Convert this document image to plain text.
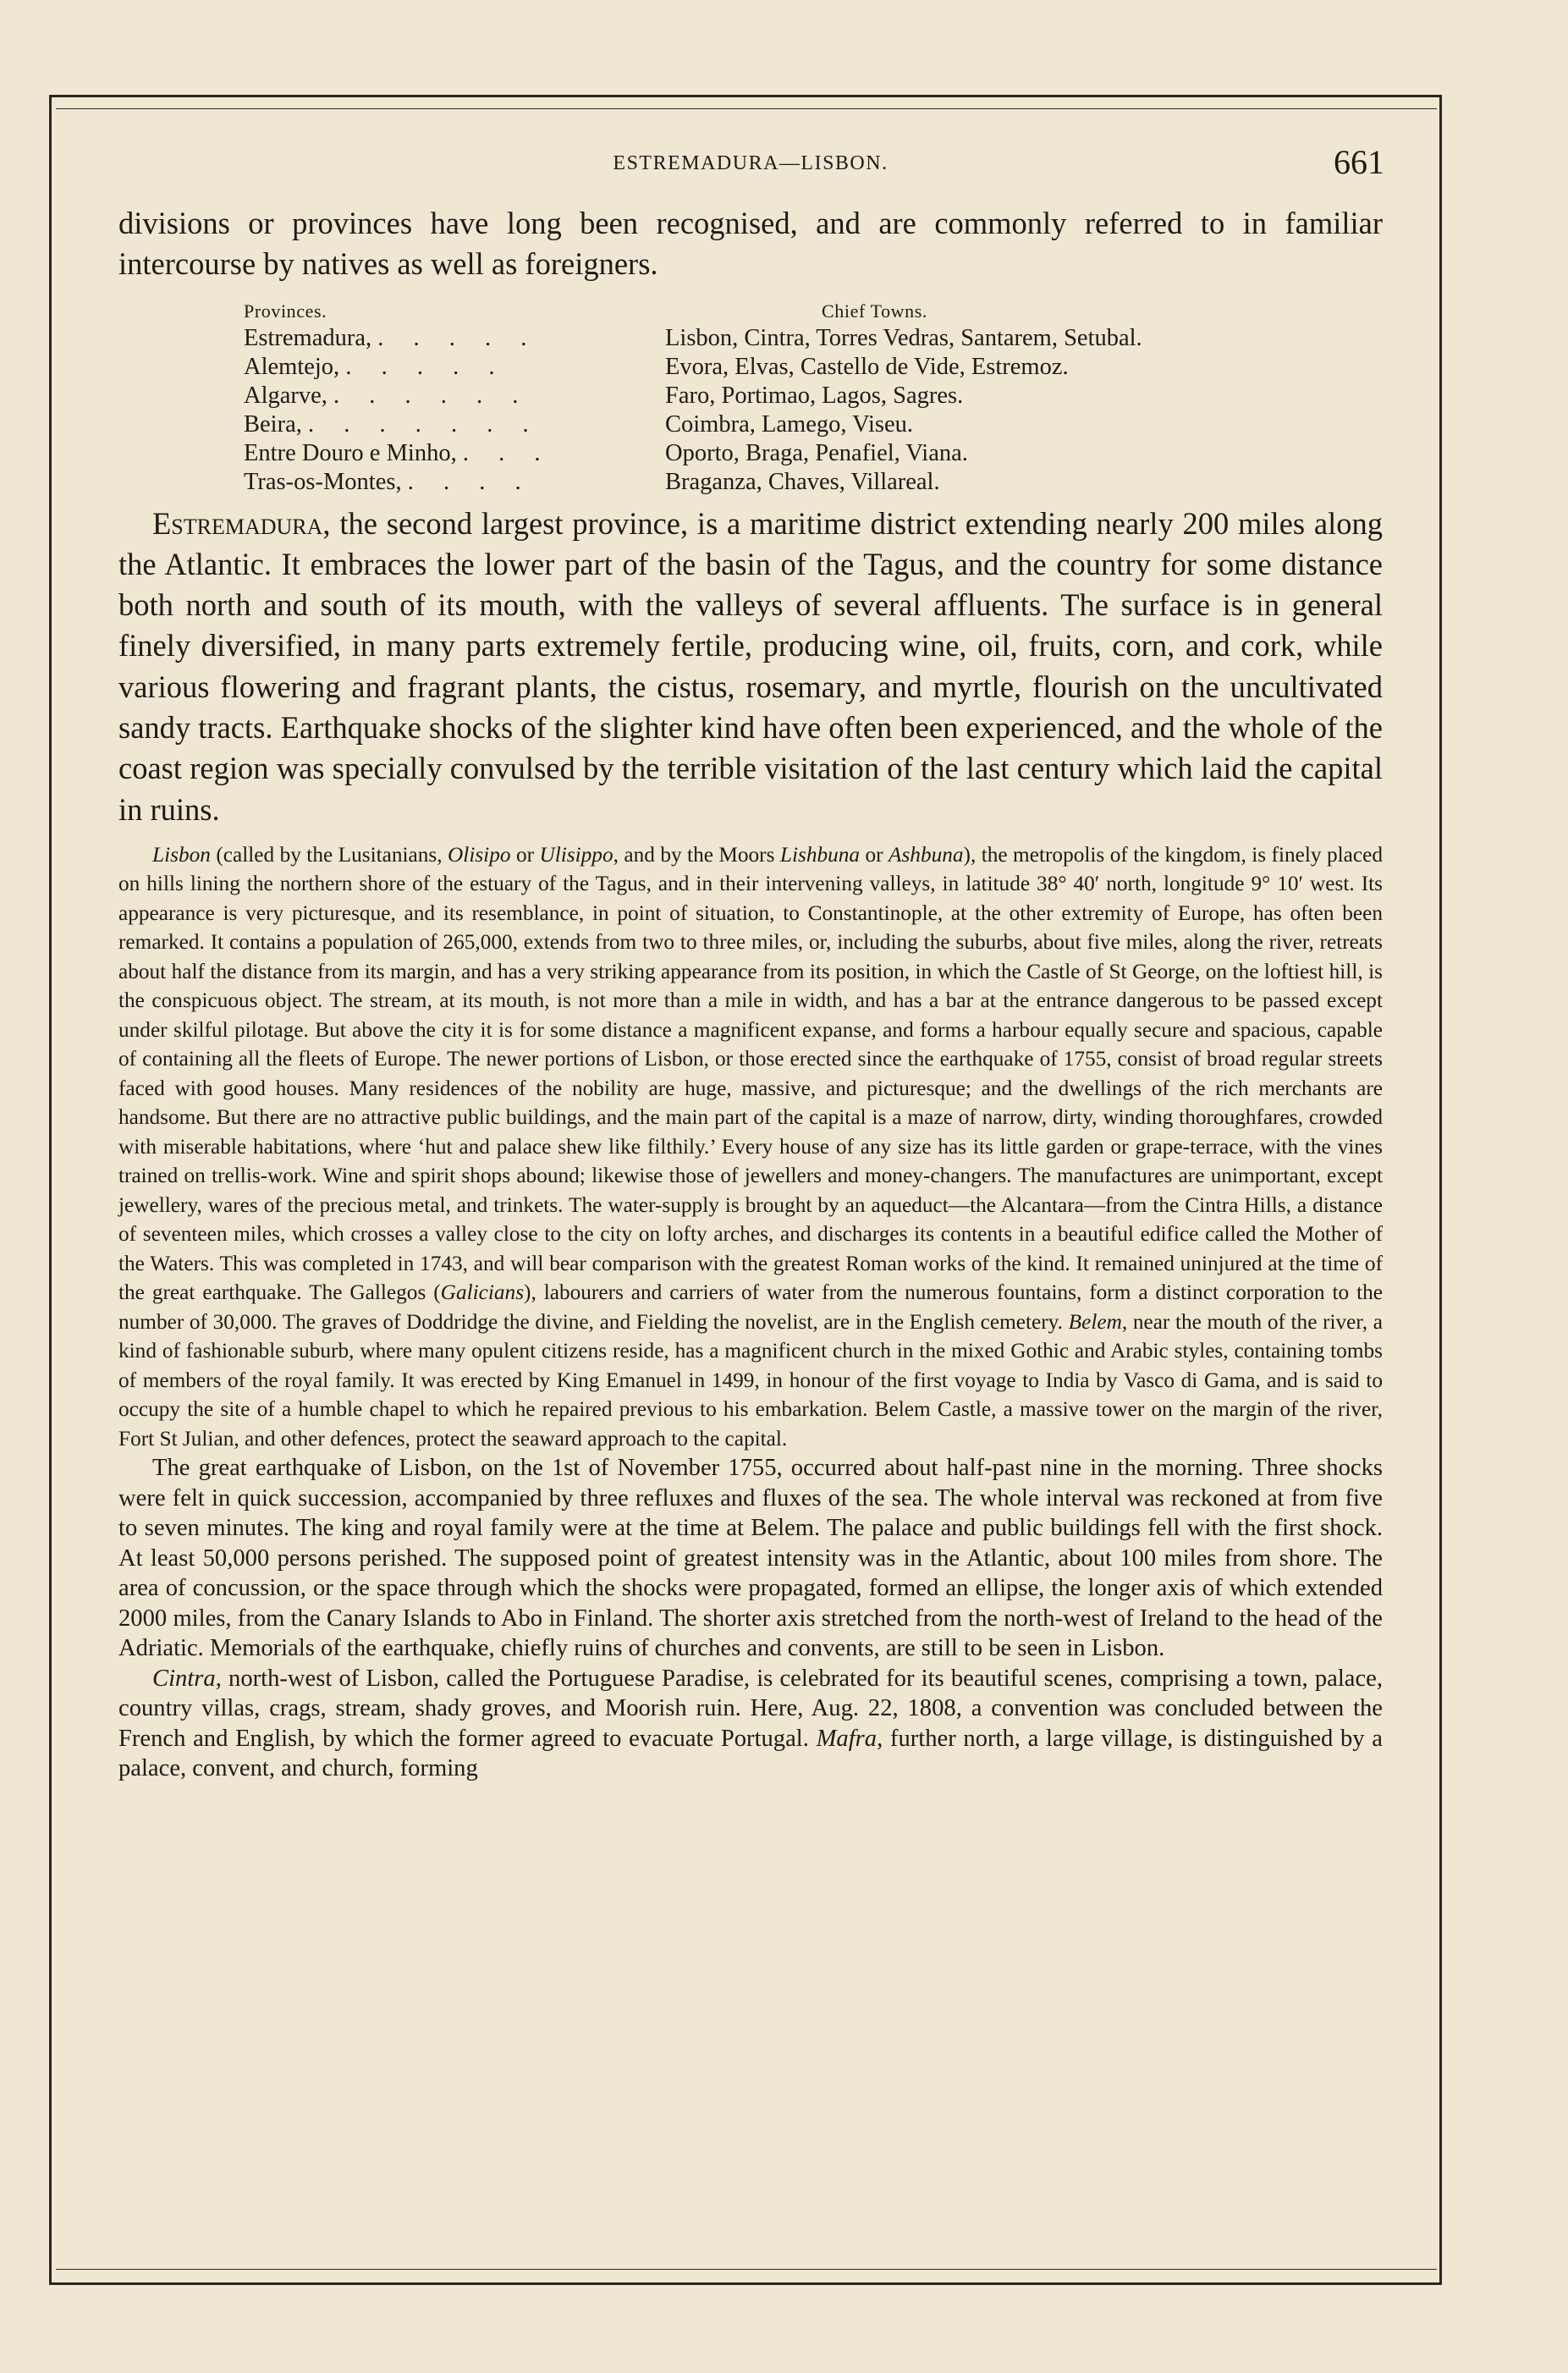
ESTREMADURA—LISBON.	661

divisions or provinces have long been recognised, and are commonly referred to in familiar intercourse by natives as well as foreigners.

Provinces.	Chief Towns.
Estremadura, . . . . .	Lisbon, Cintra, Torres Vedras, Santarem, Setubal.
Alemtejo, . . . . .	Evora, Elvas, Castello de Vide, Estremoz.
Algarve, . . . . . .	Faro, Portimao, Lagos, Sagres.
Beira, . . . . . . .	Coimbra, Lamego, Viseu.
Entre Douro e Minho, . . .	Oporto, Braga, Penafiel, Viana.
Tras-os-Montes, . . . .	Braganza, Chaves, Villareal.

Estremadura, the second largest province, is a maritime district extending nearly 200 miles along the Atlantic. It embraces the lower part of the basin of the Tagus, and the country for some distance both north and south of its mouth, with the valleys of several affluents. The surface is in general finely diversified, in many parts extremely fertile, producing wine, oil, fruits, corn, and cork, while various flowering and fragrant plants, the cistus, rosemary, and myrtle, flourish on the uncultivated sandy tracts. Earthquake shocks of the slighter kind have often been experienced, and the whole of the coast region was specially convulsed by the terrible visitation of the last century which laid the capital in ruins.

Lisbon (called by the Lusitanians, Olisipo or Ulisippo, and by the Moors Lishbuna or Ashbuna), the metropolis of the kingdom, is finely placed on hills lining the northern shore of the estuary of the Tagus, and in their intervening valleys, in latitude 38° 40′ north, longitude 9° 10′ west. Its appearance is very picturesque, and its resemblance, in point of situation, to Constantinople, at the other extremity of Europe, has often been remarked. It contains a population of 265,000, extends from two to three miles, or, including the suburbs, about five miles, along the river, retreats about half the distance from its margin, and has a very striking appearance from its position, in which the Castle of St George, on the loftiest hill, is the conspicuous object. The stream, at its mouth, is not more than a mile in width, and has a bar at the entrance dangerous to be passed except under skilful pilotage. But above the city it is for some distance a magnificent expanse, and forms a harbour equally secure and spacious, capable of containing all the fleets of Europe. The newer portions of Lisbon, or those erected since the earthquake of 1755, consist of broad regular streets faced with good houses. Many residences of the nobility are huge, massive, and picturesque; and the dwellings of the rich merchants are handsome. But there are no attractive public buildings, and the main part of the capital is a maze of narrow, dirty, winding thoroughfares, crowded with miserable habitations, where ‘hut and palace shew like filthily.’ Every house of any size has its little garden or grape-terrace, with the vines trained on trellis-work. Wine and spirit shops abound; likewise those of jewellers and money-changers. The manufactures are unimportant, except jewellery, wares of the precious metal, and trinkets. The water-supply is brought by an aqueduct—the Alcantara—from the Cintra Hills, a distance of seventeen miles, which crosses a valley close to the city on lofty arches, and discharges its contents in a beautiful edifice called the Mother of the Waters. This was completed in 1743, and will bear comparison with the greatest Roman works of the kind. It remained uninjured at the time of the great earthquake. The Gallegos (Galicians), labourers and carriers of water from the numerous fountains, form a distinct corporation to the number of 30,000. The graves of Doddridge the divine, and Fielding the novelist, are in the English cemetery. Belem, near the mouth of the river, a kind of fashionable suburb, where many opulent citizens reside, has a magnificent church in the mixed Gothic and Arabic styles, containing tombs of members of the royal family. It was erected by King Emanuel in 1499, in honour of the first voyage to India by Vasco di Gama, and is said to occupy the site of a humble chapel to which he repaired previous to his embarkation. Belem Castle, a massive tower on the margin of the river, Fort St Julian, and other defences, protect the seaward approach to the capital.

The great earthquake of Lisbon, on the 1st of November 1755, occurred about half-past nine in the morning. Three shocks were felt in quick succession, accompanied by three refluxes and fluxes of the sea. The whole interval was reckoned at from five to seven minutes. The king and royal family were at the time at Belem. The palace and public buildings fell with the first shock. At least 50,000 persons perished. The supposed point of greatest intensity was in the Atlantic, about 100 miles from shore. The area of concussion, or the space through which the shocks were propagated, formed an ellipse, the longer axis of which extended 2000 miles, from the Canary Islands to Abo in Finland. The shorter axis stretched from the north-west of Ireland to the head of the Adriatic. Memorials of the earthquake, chiefly ruins of churches and convents, are still to be seen in Lisbon.

Cintra, north-west of Lisbon, called the Portuguese Paradise, is celebrated for its beautiful scenes, comprising a town, palace, country villas, crags, stream, shady groves, and Moorish ruin. Here, Aug. 22, 1808, a convention was concluded between the French and English, by which the former agreed to evacuate Portugal. Mafra, further north, a large village, is distinguished by a palace, convent, and church, forming
